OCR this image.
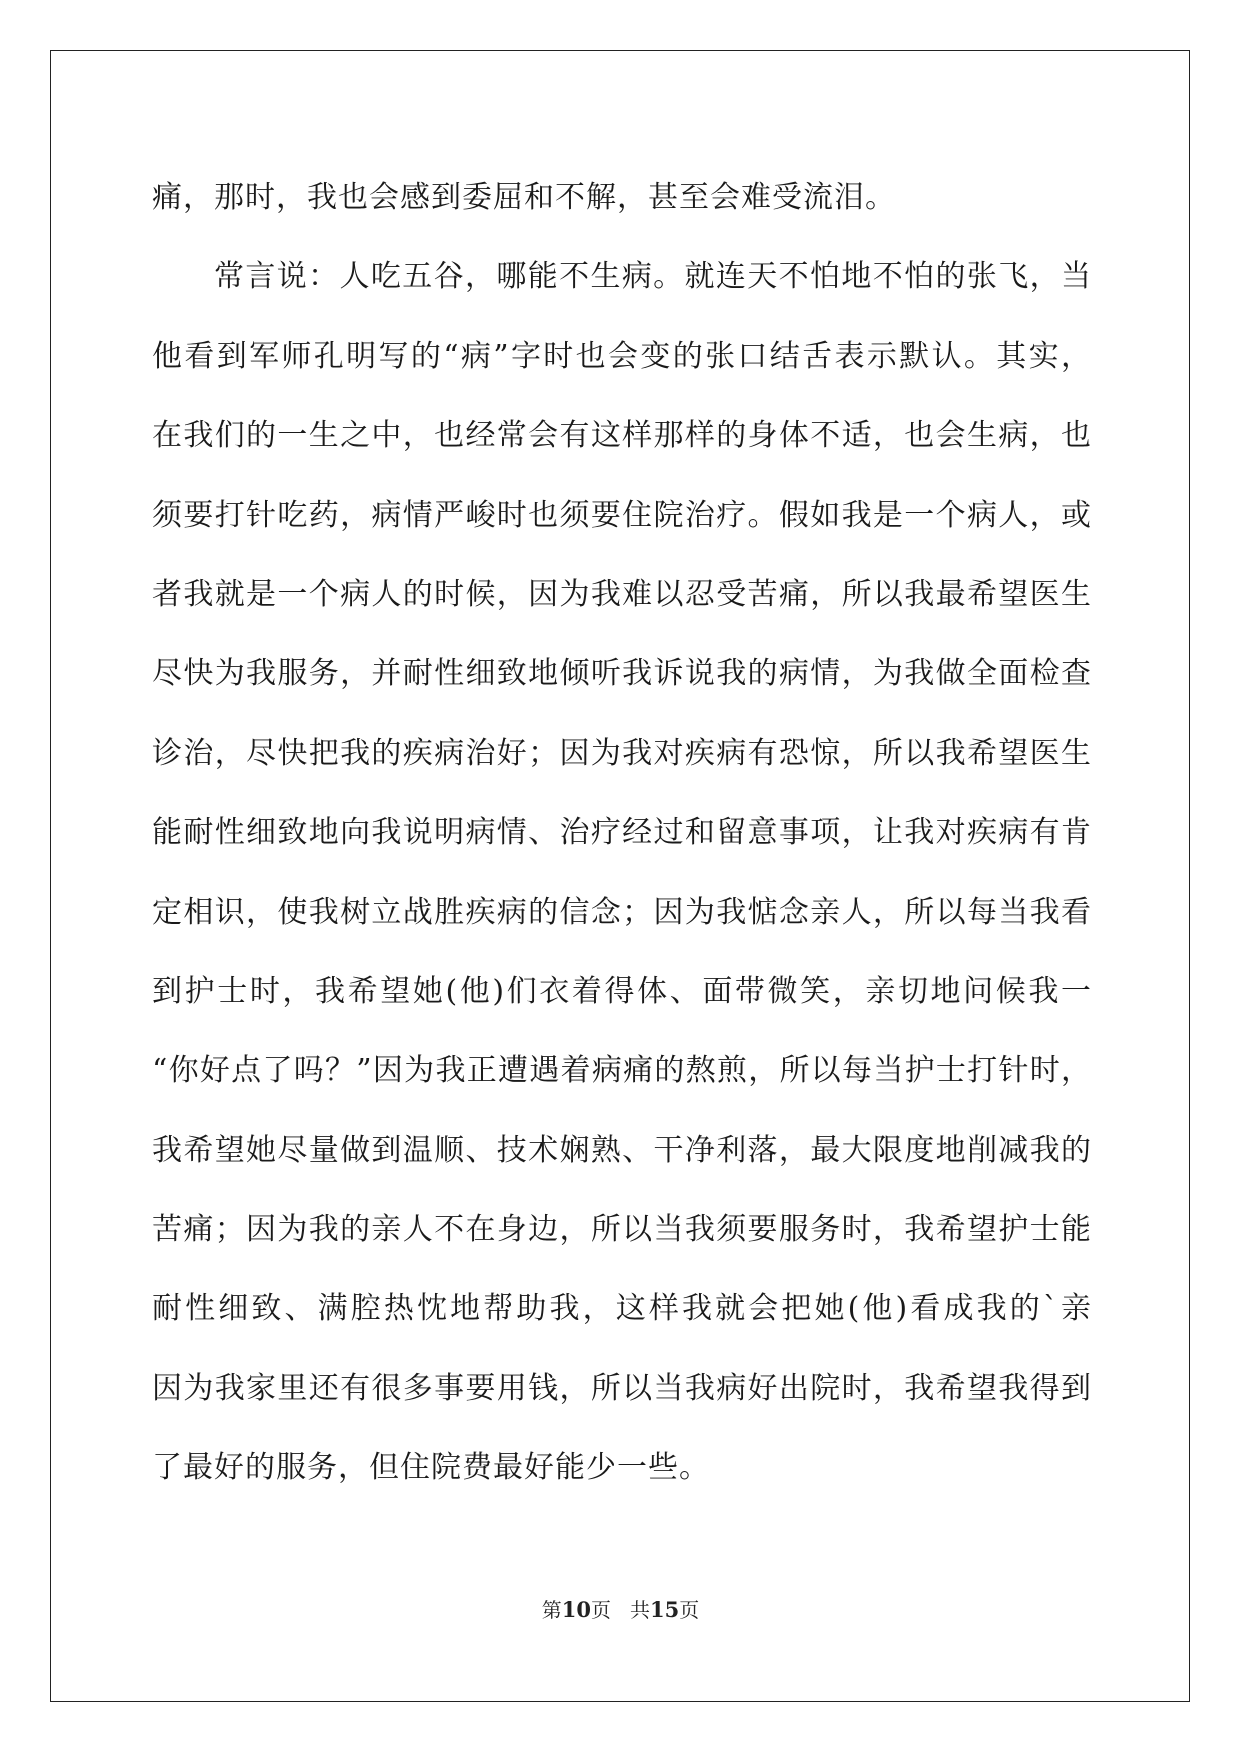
痛，那时，我也会感到委屈和不解，甚至会难受流泪。
常言说：人吃五谷，哪能不生病。就连天不怕地不怕的张飞，当
他看到军师孔明写的“病”字时也会变的张口结舌表示默认。其实，
在我们的一生之中，也经常会有这样那样的身体不适，也会生病，也
须要打针吃药，病情严峻时也须要住院治疗。假如我是一个病人，或
者我就是一个病人的时候，因为我难以忍受苦痛，所以我最希望医生
尽快为我服务，并耐性细致地倾听我诉说我的病情，为我做全面检查
诊治，尽快把我的疾病治好；因为我对疾病有恐惊，所以我希望医生
能耐性细致地向我说明病情、治疗经过和留意事项，让我对疾病有肯
定相识，使我树立战胜疾病的信念；因为我惦念亲人，所以每当我看
到护士时，我希望她(他)们衣着得体、面带微笑，亲切地问候我一
“你好点了吗？”因为我正遭遇着病痛的熬煎，所以每当护士打针时，
我希望她尽量做到温顺、技术娴熟、干净利落，最大限度地削减我的
苦痛；因为我的亲人不在身边，所以当我须要服务时，我希望护士能
耐性细致、满腔热忱地帮助我，这样我就会把她(他)看成我的`亲
因为我家里还有很多事要用钱，所以当我病好出院时，我希望我得到
了最好的服务，但住院费最好能少一些。
第10页 共15页
